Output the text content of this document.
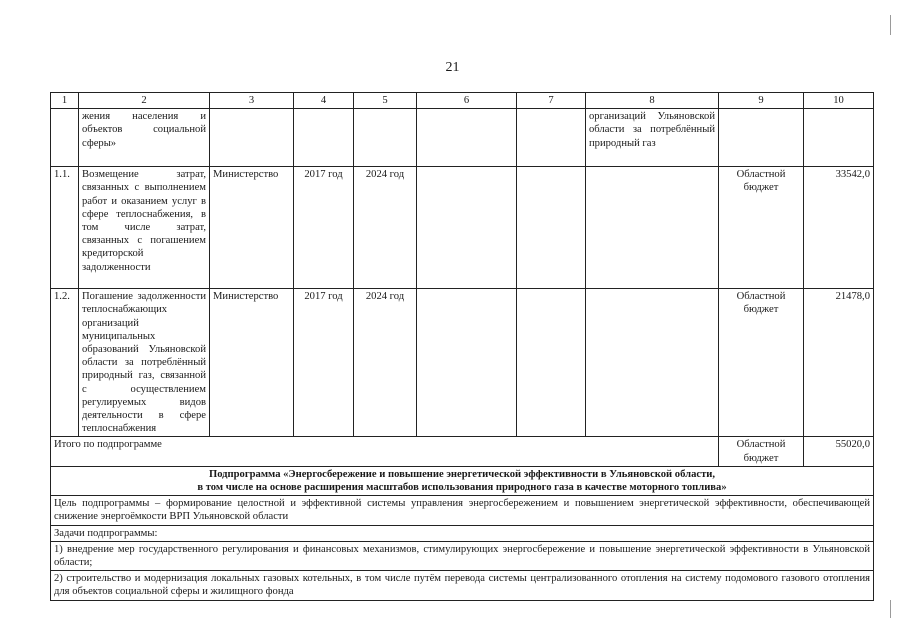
21
1	2	3	4	5	6	7	8	9	10
	жения населения и объектов социальной сферы»						организаций Ульяновской области за потреблённый природный газ		
1.1.	Возмещение затрат, связанных с выполнением работ и оказанием услуг в сфере теплоснабжения, в том числе затрат, связанных с погашением кредиторской задолженности	Министерство	2017 год	2024 год				Областной бюджет	33542,0
1.2.	Погашение задолженности теплоснабжающих организаций муниципальных образований Ульяновской области за потреблённый природный газ, связанной с осуществлением регулируемых видов деятельности в сфере теплоснабжения	Министерство	2017 год	2024 год				Областной бюджет	21478,0
Итого по подпрограмме								Областной бюджет	55020,0

Подпрограмма «Энергосбережение и повышение энергетической эффективности в Ульяновской области,
в том числе на основе расширения масштабов использования природного газа в качестве моторного топлива»									

Цель подпрограммы – формирование целостной и эффективной системы управления энергосбережением и повышением энергетической эффективности, обеспечивающей снижение энергоёмкости ВРП Ульяновской области									

Задачи подпрограммы:
1) внедрение мер государственного регулирования и финансовых механизмов, стимулирующих энергосбережение и повышение энергетической эффективности в Ульяновской области;
2) строительство и модернизация локальных газовых котельных, в том числе путём перевода системы централизованного отопления на систему подомового газового отопления для объектов социальной сферы и жилищного фонда									
